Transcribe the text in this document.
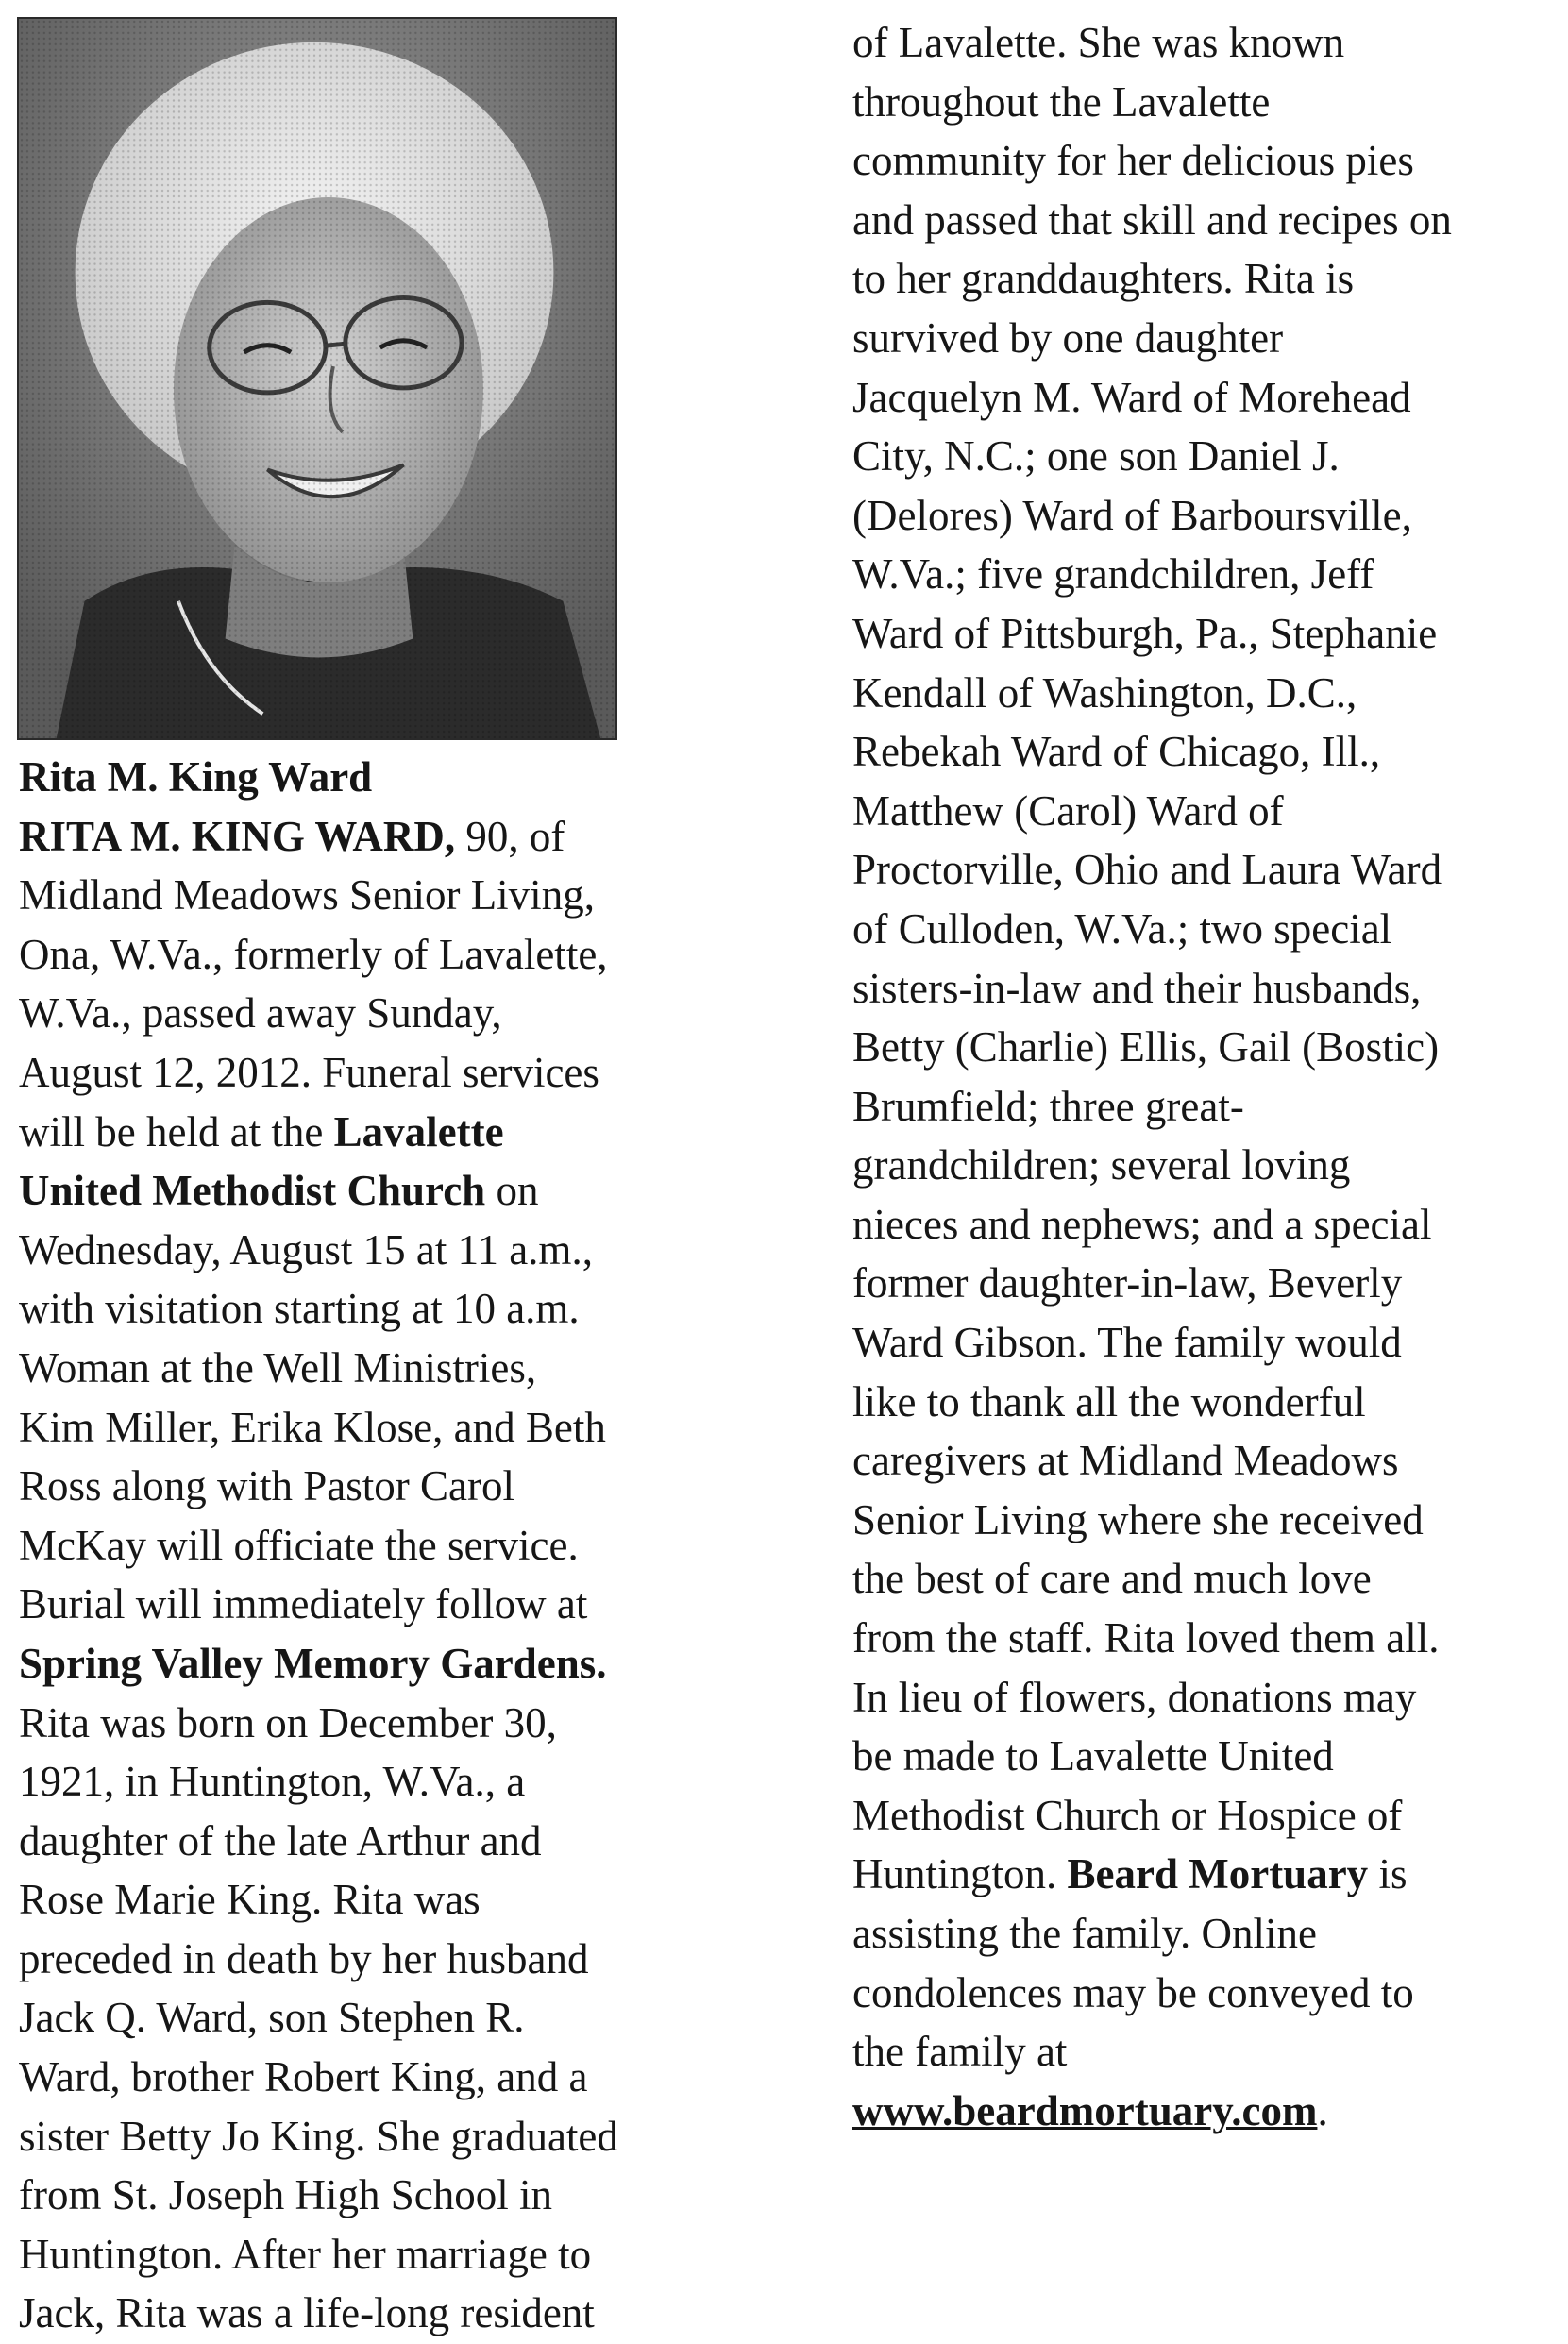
Rita M. King Ward
RITA M. KING WARD, 90, of
Midland Meadows Senior Living,
Ona, W.Va., formerly of Lavalette,
W.Va., passed away Sunday,
August 12, 2012. Funeral services
will be held at the Lavalette
United Methodist Church on
Wednesday, August 15 at 11 a.m.,
with visitation starting at 10 a.m.
Woman at the Well Ministries,
Kim Miller, Erika Klose, and Beth
Ross along with Pastor Carol
McKay will officiate the service.
Burial will immediately follow at
Spring Valley Memory Gardens.
Rita was born on December 30,
1921, in Huntington, W.Va., a
daughter of the late Arthur and
Rose Marie King. Rita was
preceded in death by her husband
Jack Q. Ward, son Stephen R.
Ward, brother Robert King, and a
sister Betty Jo King. She graduated
from St. Joseph High School in
Huntington. After her marriage to
Jack, Rita was a life-long resident
of Lavalette. She was known
throughout the Lavalette
community for her delicious pies
and passed that skill and recipes on
to her granddaughters. Rita is
survived by one daughter
Jacquelyn M. Ward of Morehead
City, N.C.; one son Daniel J.
(Delores) Ward of Barboursville,
W.Va.; five grandchildren, Jeff
Ward of Pittsburgh, Pa., Stephanie
Kendall of Washington, D.C.,
Rebekah Ward of Chicago, Ill.,
Matthew (Carol) Ward of
Proctorville, Ohio and Laura Ward
of Culloden, W.Va.; two special
sisters-in-law and their husbands,
Betty (Charlie) Ellis, Gail (Bostic)
Brumfield; three great-
grandchildren; several loving
nieces and nephews; and a special
former daughter-in-law, Beverly
Ward Gibson. The family would
like to thank all the wonderful
caregivers at Midland Meadows
Senior Living where she received
the best of care and much love
from the staff. Rita loved them all.
In lieu of flowers, donations may
be made to Lavalette United
Methodist Church or Hospice of
Huntington. Beard Mortuary is
assisting the family. Online
condolences may be conveyed to
the family at
www.beardmortuary.com.
